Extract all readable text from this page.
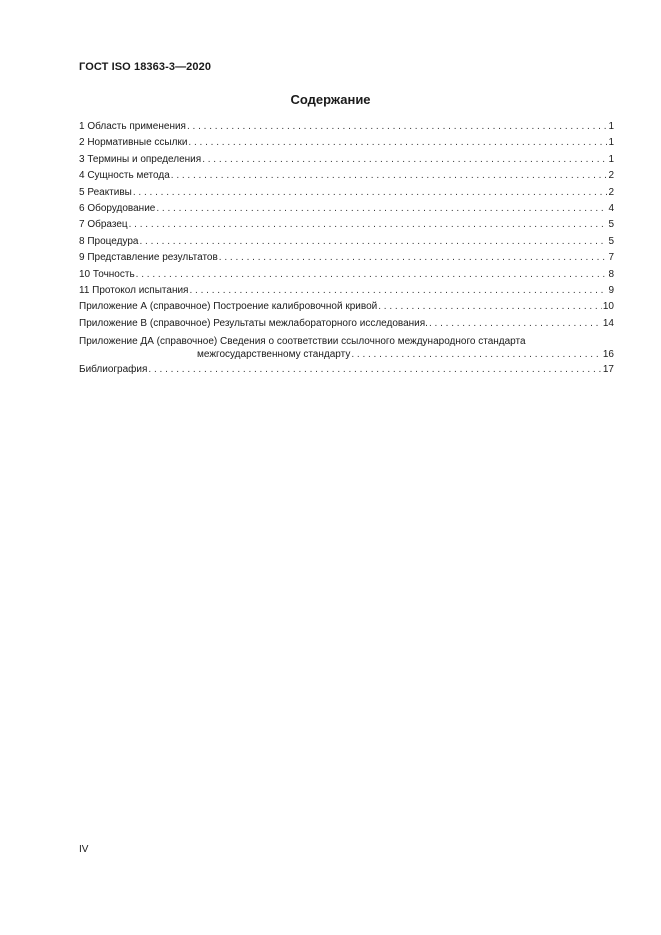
ГОСТ ISO 18363-3—2020
Содержание
1 Область применения . . .	1
2 Нормативные ссылки . . .	1
3 Термины и определения . . .	1
4 Сущность метода . . .	2
5 Реактивы . . .	2
6 Оборудование . . .	4
7 Образец . . .	5
8 Процедура . . .	5
9 Представление результатов . . .	7
10 Точность . . .	8
11 Протокол испытания . . .	9
Приложение А (справочное) Построение калибровочной кривой . . .	10
Приложение В (справочное) Результаты межлабораторного исследования. . . .	14
Приложение ДА (справочное) Сведения о соответствии ссылочного международного стандарта
межгосударственному стандарту . . .	16
Библиография . . .	17
IV
